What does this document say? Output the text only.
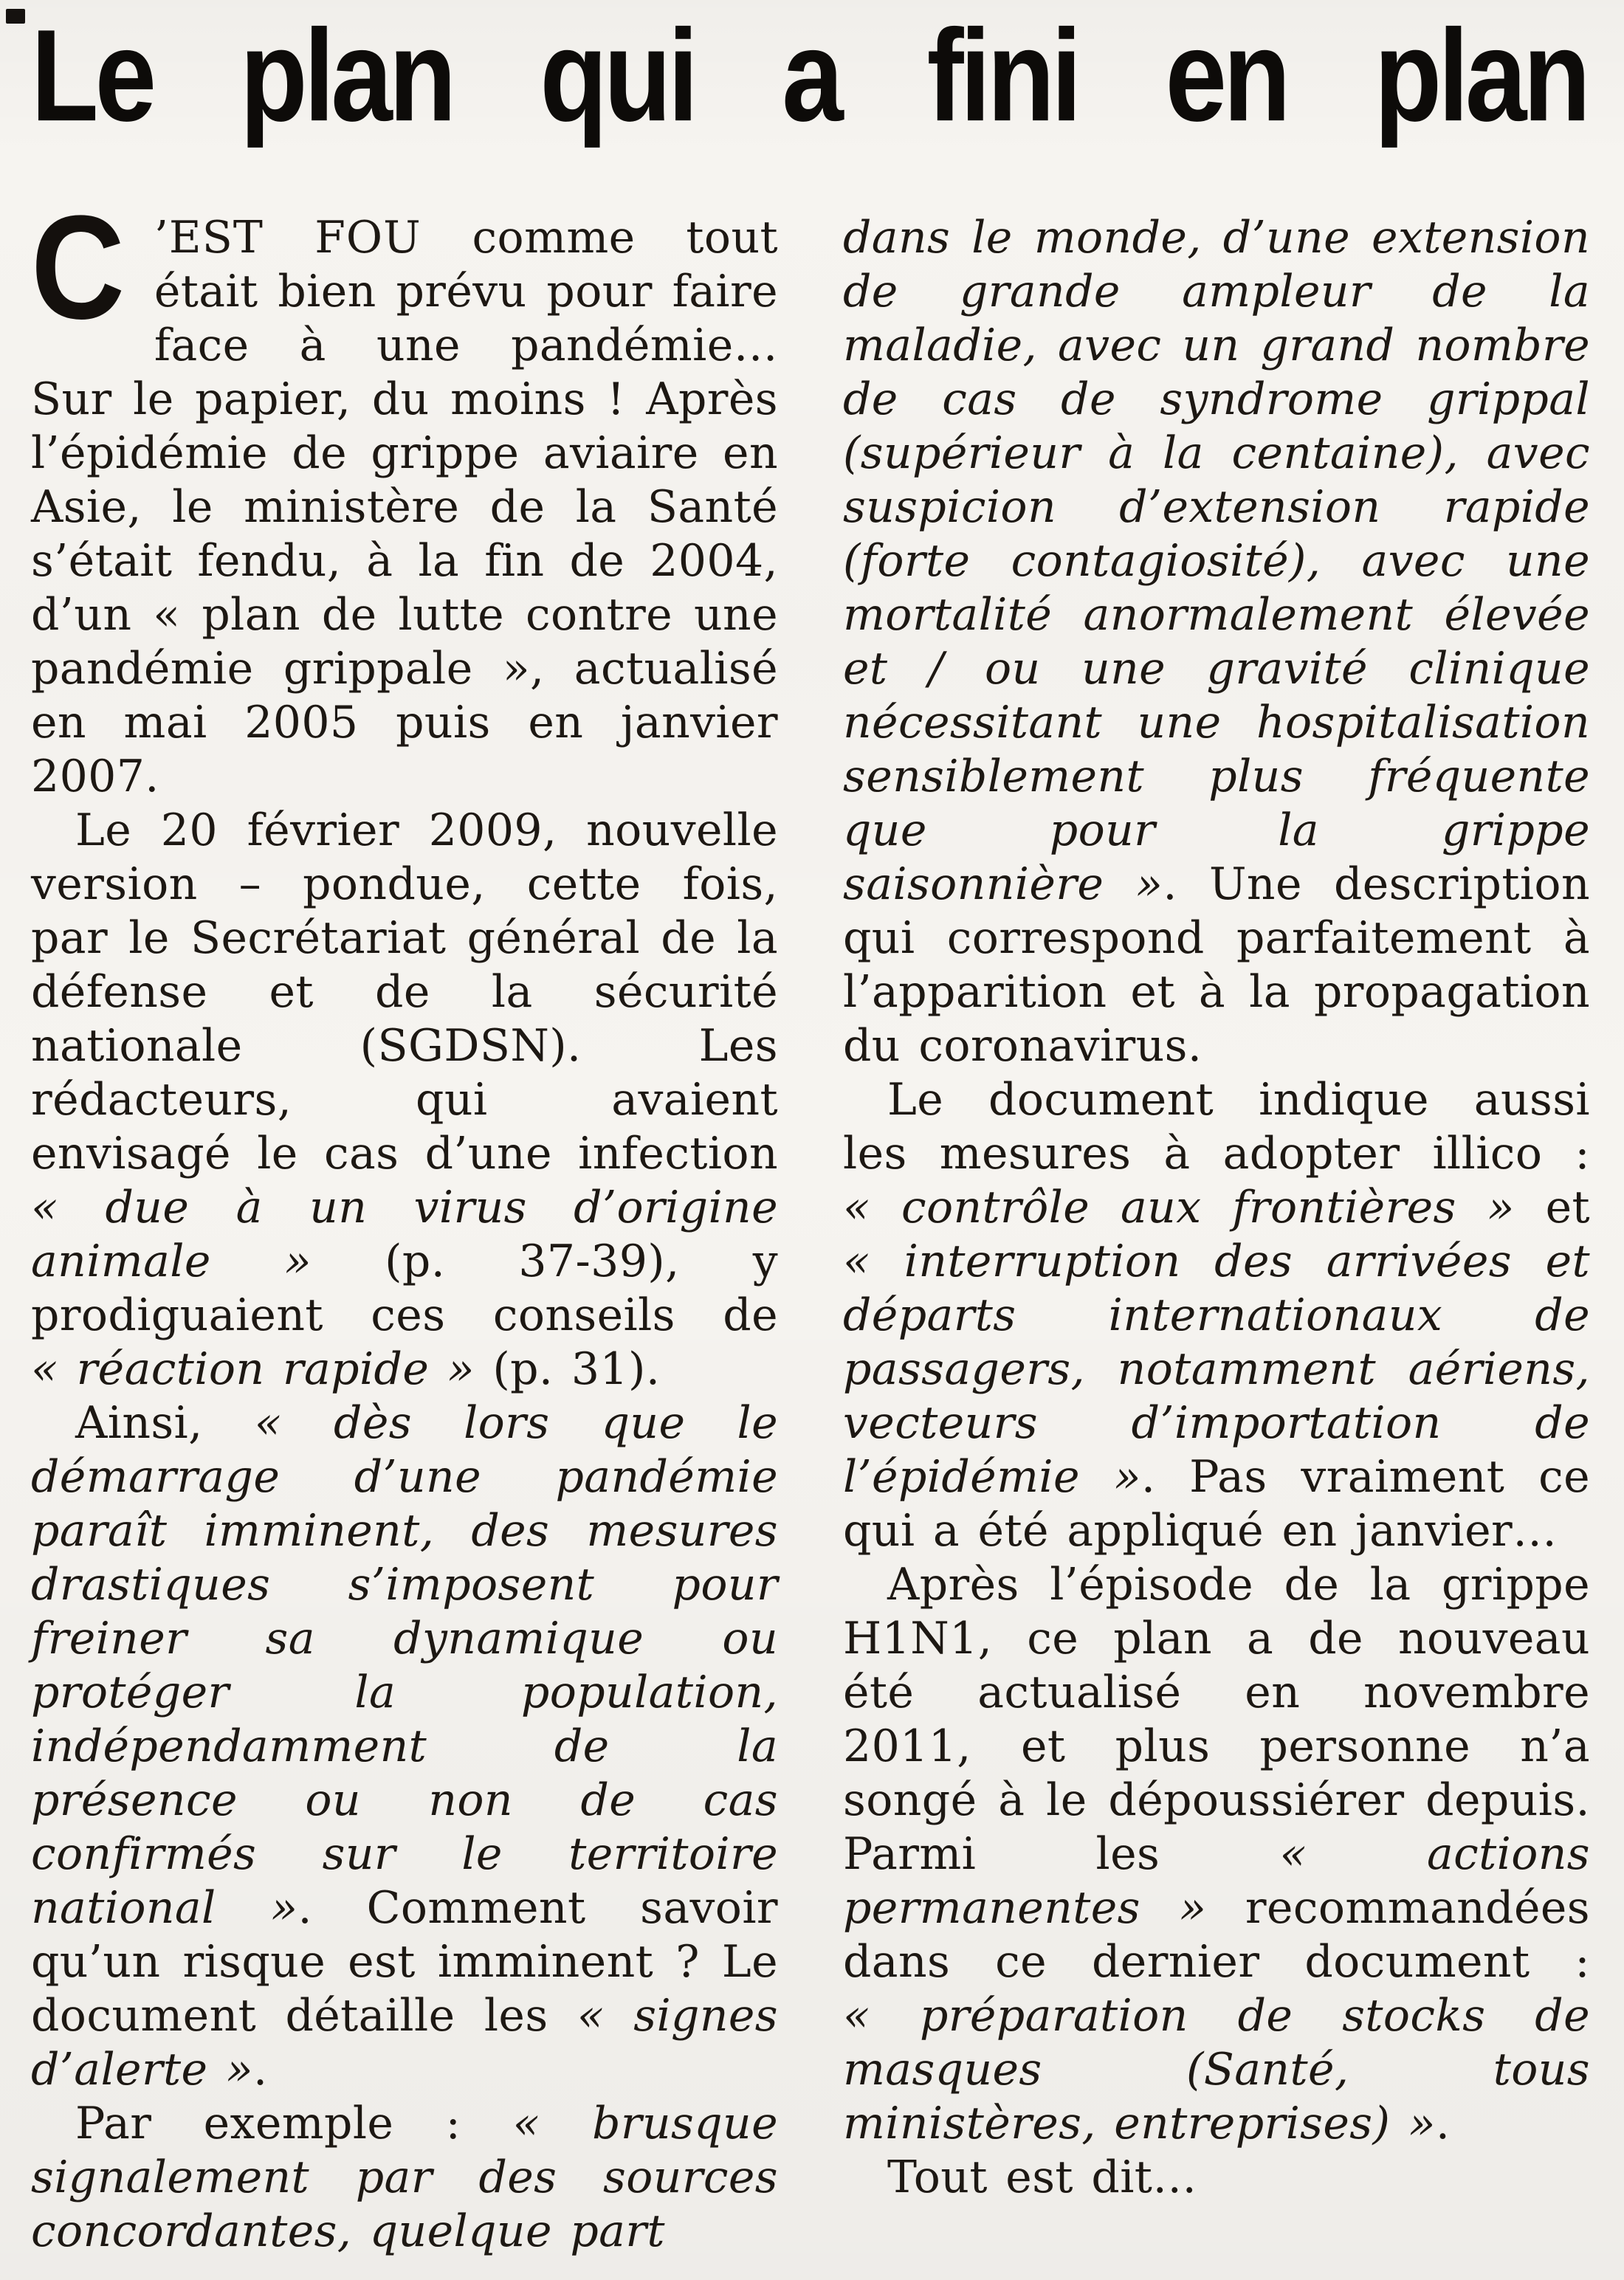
Le plan qui a fini en plan

C ’EST FOU comme tout était bien prévu pour faire face à une pandémie… Sur le papier, du moins ! Après l’épidémie de grippe aviaire en Asie, le ministère de la Santé s’était fendu, à la fin de 2004, d’un « plan de lutte contre une pandémie grippale », actualisé en mai 2005 puis en janvier 2007.

Le 20 février 2009, nouvelle version – pondue, cette fois, par le Secrétariat général de la défense et de la sécurité nationale (SGDSN). Les rédacteurs, qui avaient envisagé le cas d’une infection « due à un virus d’origine animale » (p. 37-39), y prodiguaient ces conseils de « réaction rapide » (p. 31).

Ainsi, « dès lors que le démarrage d’une pandémie paraît imminent, des mesures drastiques s’imposent pour freiner sa dynamique ou protéger la population, indépendamment de la présence ou non de cas confirmés sur le territoire national ». Comment savoir qu’un risque est imminent ? Le document détaille les « signes d’alerte ».

Par exemple : « brusque signalement par des sources concordantes, quelque part

dans le monde, d’une extension de grande ampleur de la maladie, avec un grand nombre de cas de syndrome grippal (supérieur à la centaine), avec suspicion d’extension rapide (forte contagiosité), avec une mortalité anormalement élevée et / ou une gravité clinique nécessitant une hospitalisation sensiblement plus fréquente que pour la grippe saisonnière ». Une description qui correspond parfaitement à l’apparition et à la propagation du coronavirus.

Le document indique aussi les mesures à adopter illico : « contrôle aux frontières » et « interruption des arrivées et départs internationaux de passagers, notamment aériens, vecteurs d’importation de l’épidémie ». Pas vraiment ce qui a été appliqué en janvier…

Après l’épisode de la grippe H1N1, ce plan a de nouveau été actualisé en novembre 2011, et plus personne n’a songé à le dépoussiérer depuis. Parmi les « actions permanentes » recommandées dans ce dernier document : « préparation de stocks de masques (Santé, tous ministères, entreprises) ».

Tout est dit…
